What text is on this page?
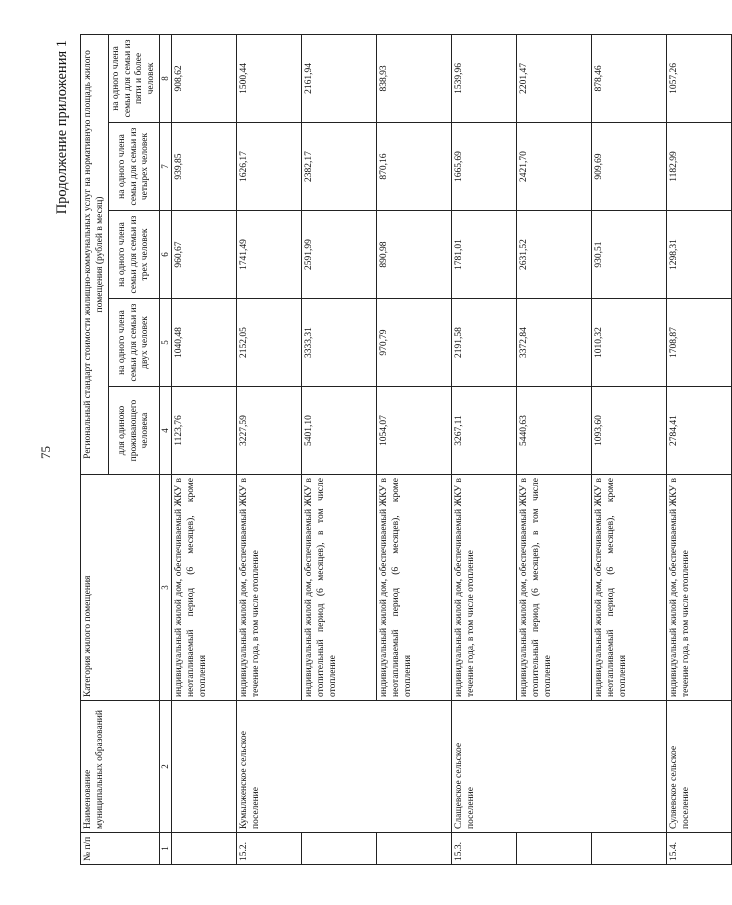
75
Продолжение приложения 1
№ п/п	Наименование муниципальных образований	Категория жилого помещения	Региональный стандарт стоимости жилищно-коммунальных услуг на нормативную площадь жилого помещения (рублей в месяц)				
			для одиноко проживающего человека	на одного члена семьи для семьи из двух человек	на одного члена семьи для семьи из трех человек	на одного члена семьи для семьи из четырех человек	на одного члена семьи для семьи из пяти и более человек
1	2	3	4	5	6	7	8
		индивидуальный жилой дом, обеспечиваемый ЖКУ в неотапливаемый период (6 месяцев), кроме отопления	1123,76	1040,48	960,67	939,85	908,62
15.2.	Кумылженское сельское поселение	индивидуальный жилой дом, обеспечиваемый ЖКУ в течение года, в том числе отопление	3227,59	2152,05	1741,49	1626,17	1500,44
		индивидуальный жилой дом, обеспечиваемый ЖКУ в отопительный период (6 месяцев), в том числе отопление	5401,10	3333,31	2591,99	2382,17	2161,94
		индивидуальный жилой дом, обеспечиваемый ЖКУ в неотапливаемый период (6 месяцев), кроме отопления	1054,07	970,79	890,98	870,16	838,93
15.3.	Слащевское сельское поселение	индивидуальный жилой дом, обеспечиваемый ЖКУ в течение года, в том числе отопление	3267,11	2191,58	1781,01	1665,69	1539,96
		индивидуальный жилой дом, обеспечиваемый ЖКУ в отопительный период (6 месяцев), в том числе отопление	5440,63	3372,84	2631,52	2421,70	2201,47
		индивидуальный жилой дом, обеспечиваемый ЖКУ в неотапливаемый период (6 месяцев), кроме отопления	1093,60	1010,32	930,51	909,69	878,46
15.4.	Суляевское сельское поселение	индивидуальный жилой дом, обеспечиваемый ЖКУ в течение года, в том числе отопление	2784,41	1708,87	1298,31	1182,99	1057,26
